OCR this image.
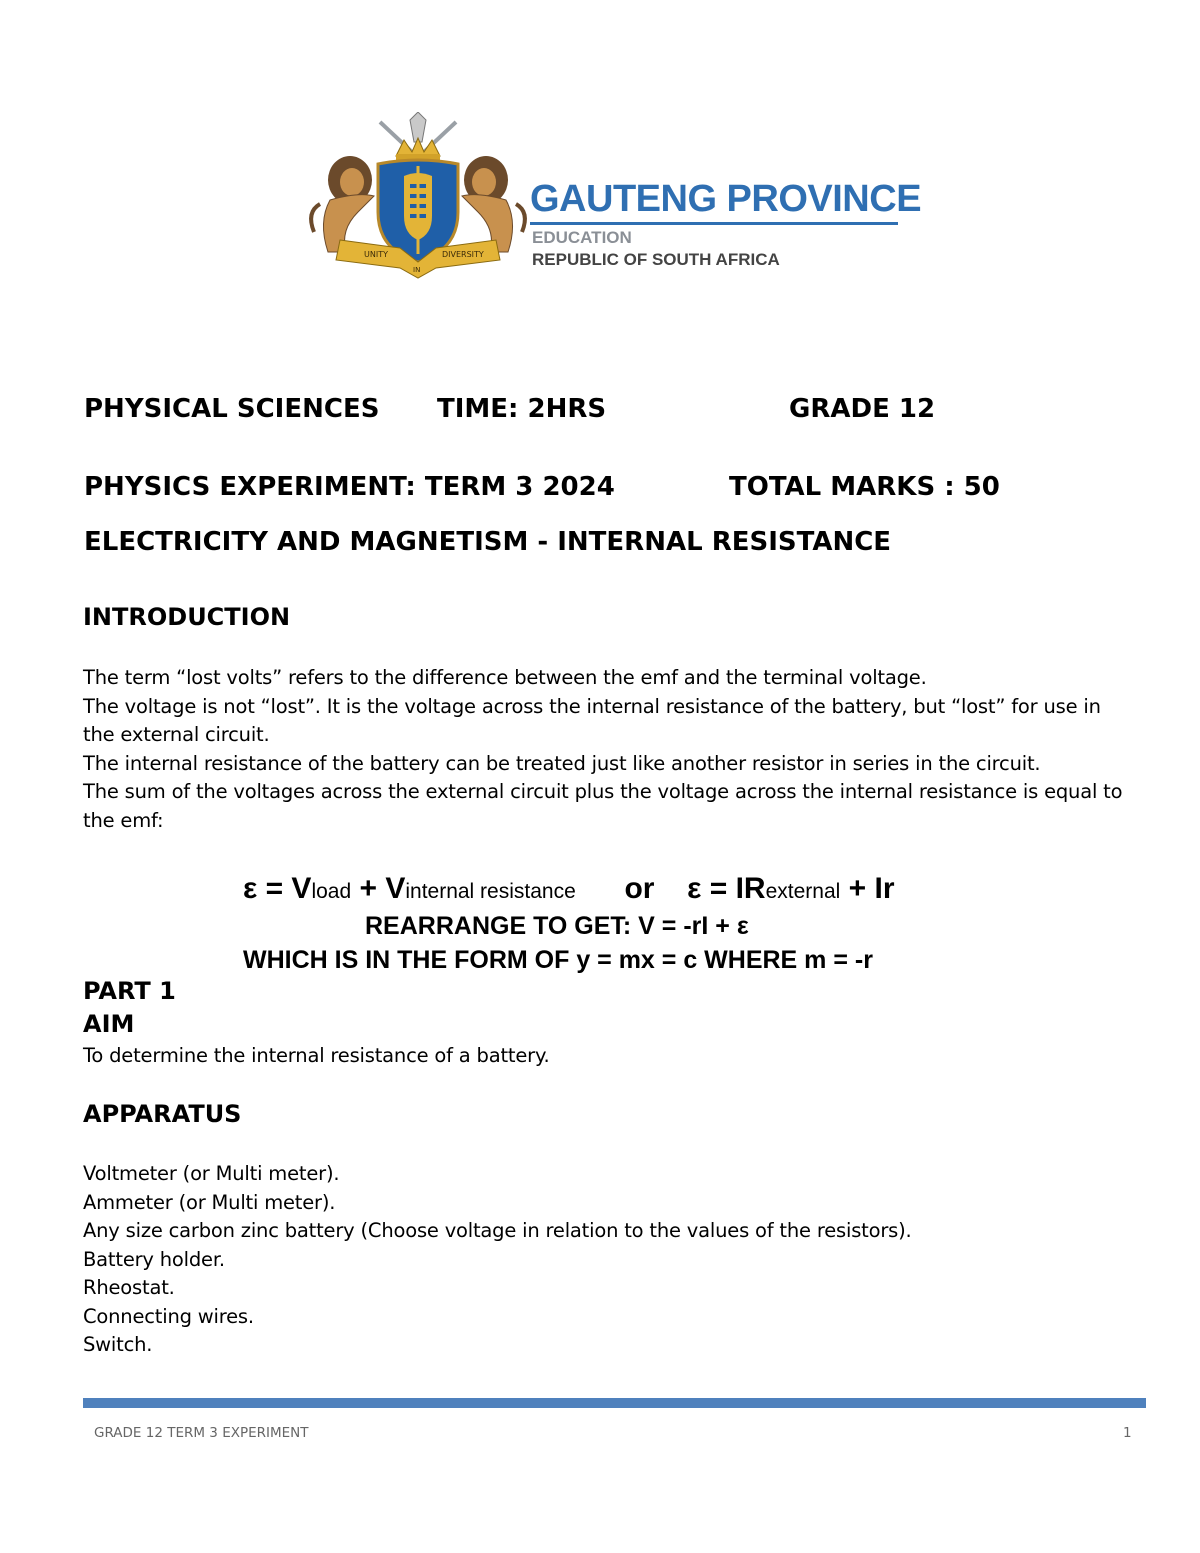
UNITY
IN
DIVERSITY
GAUTENG PROVINCE
EDUCATION
REPUBLIC OF SOUTH AFRICA
PHYSICAL SCIENCES TIME: 2HRS	GRADE 12
PHYSICS EXPERIMENT: TERM 3 2024	TOTAL MARKS : 50
ELECTRICITY AND MAGNETISM - INTERNAL RESISTANCE
INTRODUCTION

The term “lost volts” refers to the difference between the emf and the terminal voltage.

The voltage is not “lost”. It is the voltage across the internal resistance of the battery, but “lost” for use in the external circuit.

The internal resistance of the battery can be treated just like another resistor in series in the circuit.

The sum of the voltages across the external circuit plus the voltage across the internal resistance is equal to the emf:

ε = Vload + Vinternal resistance or ε = IRexternal + Ir
REARRANGE TO GET: V = -rI + ε
WHICH IS IN THE FORM OF y = mx = c WHERE m = -r
PART 1
AIM
To determine the internal resistance of a battery.
APPARATUS
Voltmeter (or Multi meter).
Ammeter (or Multi meter).
Any size carbon zinc battery (Choose voltage in relation to the values of the resistors).
Battery holder.
Rheostat.
Connecting wires.
Switch.
GRADE 12 TERM 3 EXPERIMENT	1
